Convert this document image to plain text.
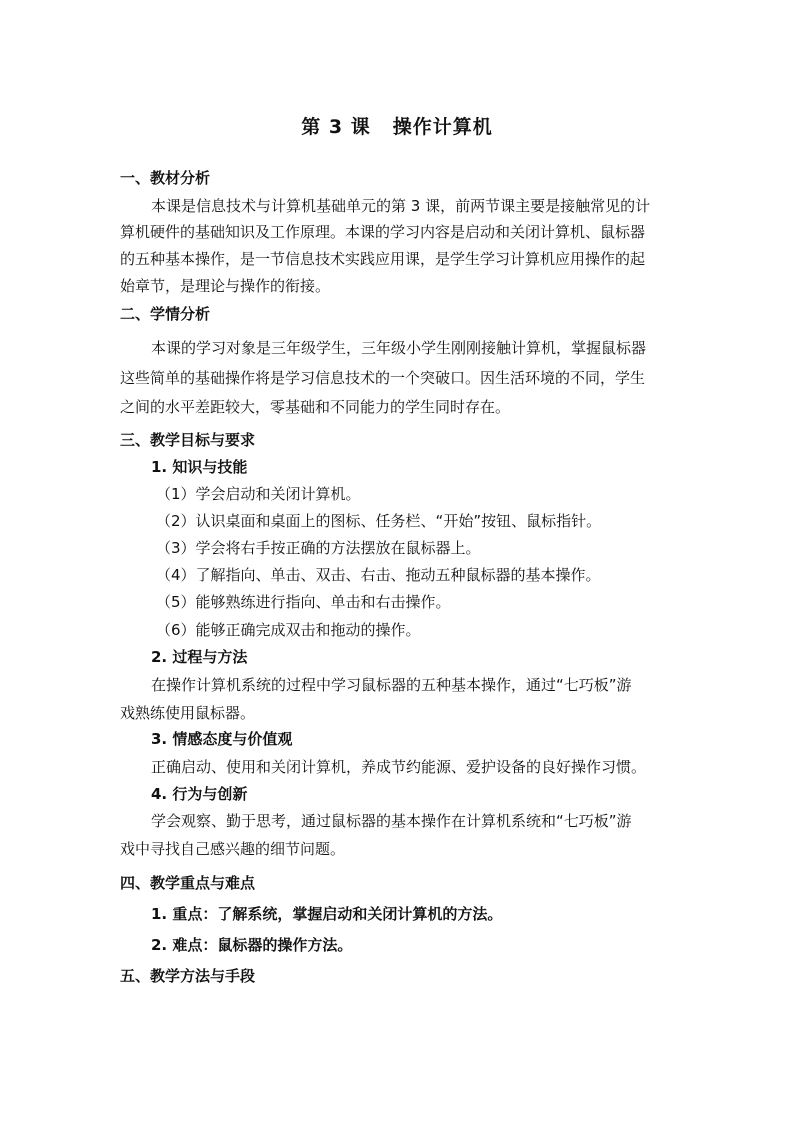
第 3 课 操作计算机
一、教材分析
本课是信息技术与计算机基础单元的第 3 课，前两节课主要是接触常见的计
算机硬件的基础知识及工作原理。本课的学习内容是启动和关闭计算机、鼠标器
的五种基本操作，是一节信息技术实践应用课，是学生学习计算机应用操作的起
始章节，是理论与操作的衔接。
二、学情分析
本课的学习对象是三年级学生，三年级小学生刚刚接触计算机，掌握鼠标器
这些简单的基础操作将是学习信息技术的一个突破口。因生活环境的不同，学生
之间的水平差距较大，零基础和不同能力的学生同时存在。
三、教学目标与要求
1. 知识与技能
（1）学会启动和关闭计算机。
（2）认识桌面和桌面上的图标、任务栏、“开始”按钮、鼠标指针。
（3）学会将右手按正确的方法摆放在鼠标器上。
（4）了解指向、单击、双击、右击、拖动五种鼠标器的基本操作。
（5）能够熟练进行指向、单击和右击操作。
（6）能够正确完成双击和拖动的操作。
2. 过程与方法
在操作计算机系统的过程中学习鼠标器的五种基本操作，通过“七巧板”游
戏熟练使用鼠标器。
3. 情感态度与价值观
正确启动、使用和关闭计算机，养成节约能源、爱护设备的良好操作习惯。
4. 行为与创新
学会观察、勤于思考，通过鼠标器的基本操作在计算机系统和“七巧板”游
戏中寻找自己感兴趣的细节问题。
四、教学重点与难点
1. 重点：了解系统，掌握启动和关闭计算机的方法。
2. 难点：鼠标器的操作方法。
五、教学方法与手段
